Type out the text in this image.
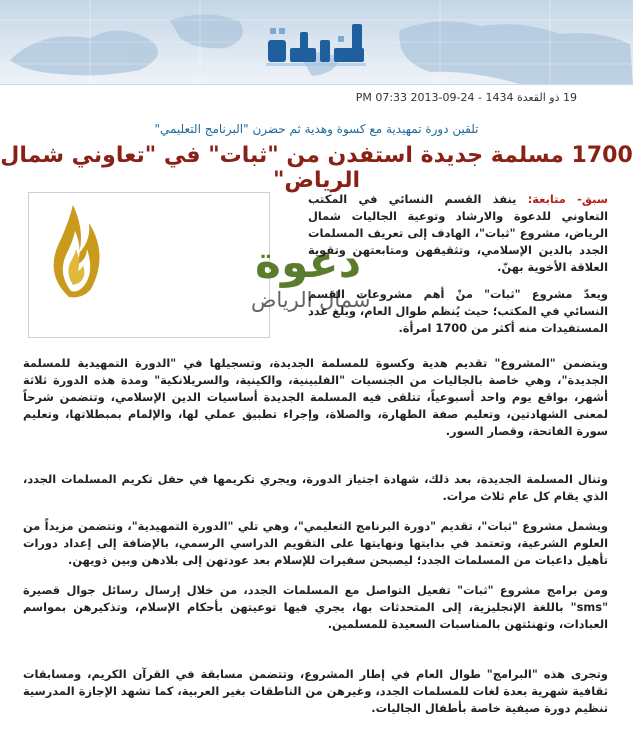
19 ذو القعدة 1434 - 24-09-2013 PM 07:33
تلقين دورة تمهيدية مع كسوة وهدية ثم حضرن "البرنامج التعليمي"
1700 مسلمة جديدة استفدن من "ثبات" في "تعاوني شمال الرياض"
دعوة
شمال الرياض

سبق- متابعة: ينفذ القسم النسائي في المكتب التعاوني للدعوة والارشاد وتوعية الجاليات شمال الرياض، مشروع "ثبات"، الهادف إلى تعريف المسلمات الجدد بالدين الإسلامي، وتثقيفهن ومتابعتهن وتقوية العلاقة الأخوية بهنّ.

ويعدّ مشروع "ثبات" منْ أهم مشروعات القسم النسائي في المكتب؛ حيث يُنظم طوال العام، وبلغ عدد المستفيدات منه أكثر من 1700 امرأة.

ويتضمن "المشروع" تقديم هدية وكسوة للمسلمة الجديدة، وتسجيلها في "الدورة التمهيدية للمسلمة الجديدة"، وهي خاصة بالجاليات من الجنسيات "الفلبينية، والكينية، والسريلانكية" ومدة هذه الدورة ثلاثة أشهر، بواقع يوم واحد أسبوعياً، تتلقى فيه المسلمة الجديدة أساسيات الدين الإسلامي، وتتضمن شرحاً لمعنى الشهادتين، وتعليم صفة الطهارة، والصلاة، وإجراء تطبيق عملي لها، والإلمام بمبطلاتها، وتعليم سورة الفاتحة، وقصار السور.

وتنال المسلمة الجديدة، بعد ذلك، شهادة اجتياز الدورة، ويجري تكريمها في حفل تكريم المسلمات الجدد، الذي يقام كل عام ثلاث مرات.

ويشمل مشروع "ثبات"، تقديم "دورة البرنامج التعليمي"، وهي تلي "الدورة التمهيدية"، وتتضمن مزيداً من العلوم الشرعية، وتعتمد في بدايتها ونهايتها على التقويم الدراسي الرسمي، بالإضافة إلى إعداد دورات تأهيل داعيات من المسلمات الجدد؛ ليصبحن سفيرات للإسلام بعد عودتهن إلى بلادهن وبين ذويهن.

ومن برامج مشروع "ثبات" تفعيل التواصل مع المسلمات الجدد، من خلال إرسال رسائل جوال قصيرة "sms" باللغة الإنجليزية، إلى المتحدثات بها، يجري فيها توعيتهن بأحكام الإسلام، وتذكيرهن بمواسم العبادات، وتهنئتهن بالمناسبات السعيدة للمسلمين.

وتجرى هذه "البرامج" طوال العام في إطار المشروع، وتتضمن مسابقة في القرآن الكريم، ومسابقات ثقافية شهرية بعدة لغات للمسلمات الجدد، وغيرهن من الناطقات بغير العربية، كما تشهد الإجازة المدرسية تنظيم دورة صيفية خاصة بأطفال الجاليات.
